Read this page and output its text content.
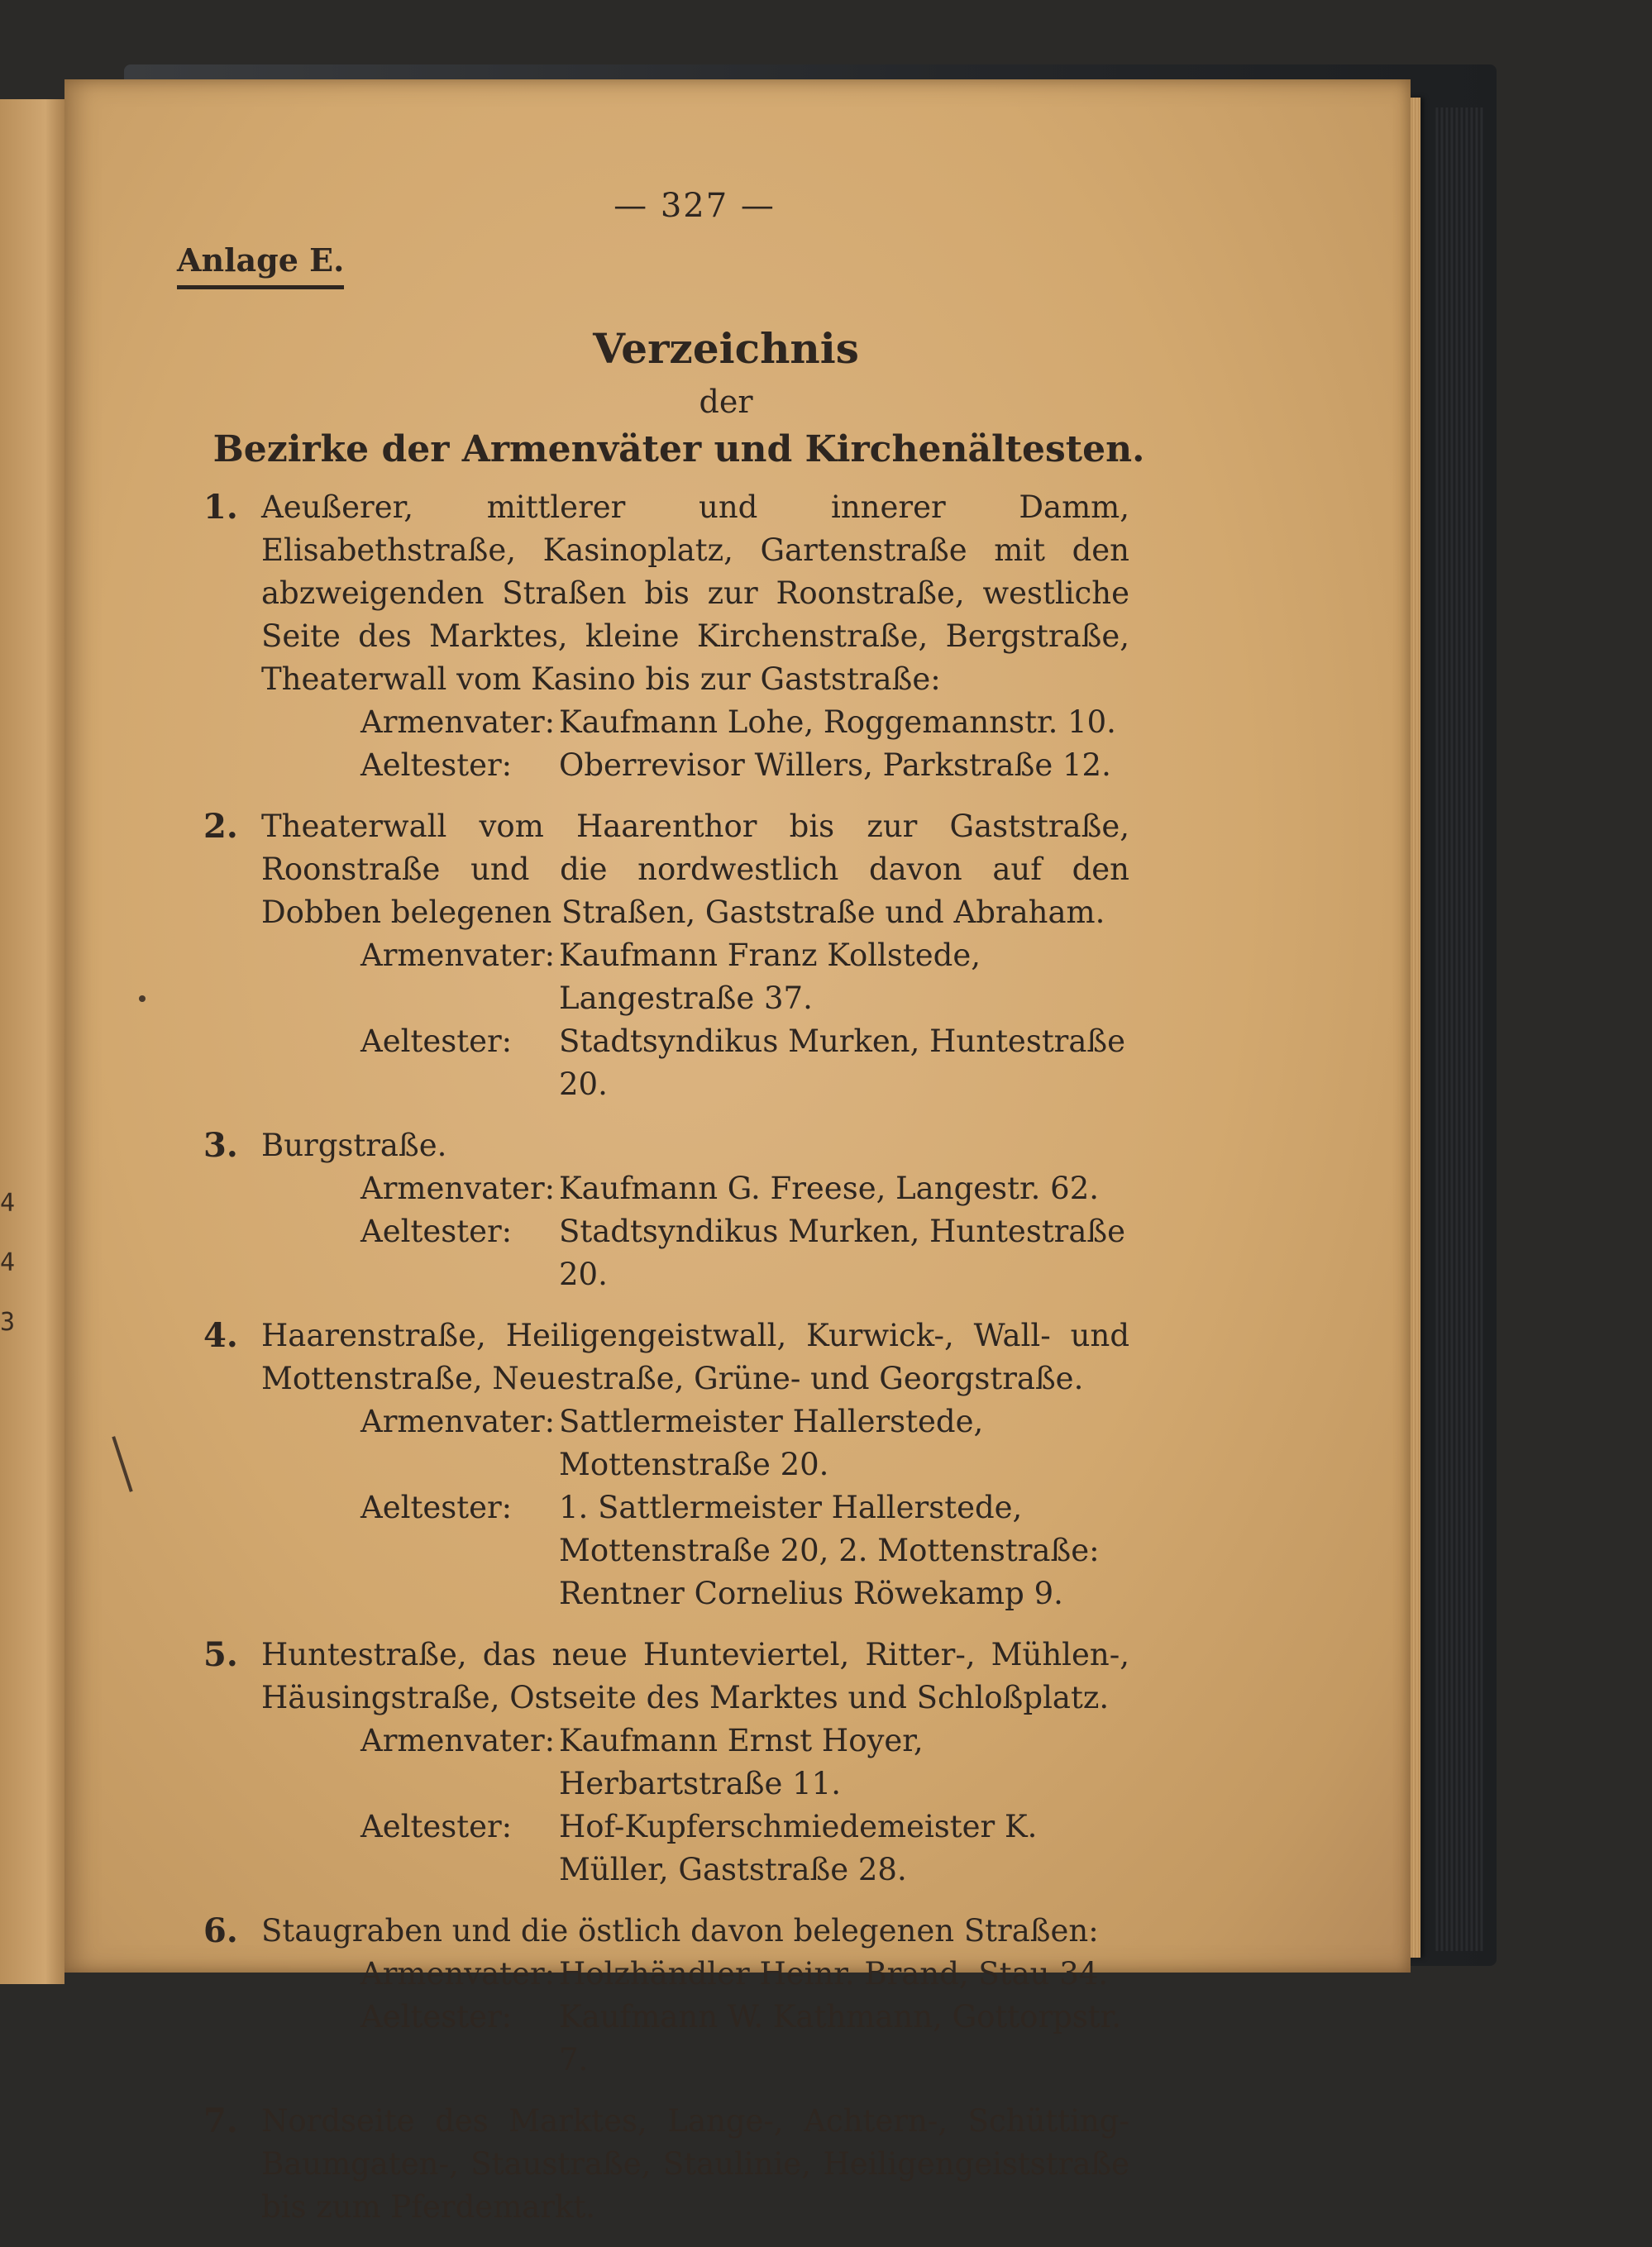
4
4
3
— 327 —
Anlage E.
Verzeichnis
der
Bezirke der Armenväter und Kirchenältesten.
1. Aeußerer, mittlerer und innerer Damm, Elisabethstraße, Kasinoplatz, Gartenstraße mit den abzweigenden Straßen bis zur Roonstraße, westliche Seite des Marktes, kleine Kirchenstraße, Bergstraße, Theaterwall vom Kasino bis zur Gaststraße:
Armenvater: Kaufmann Lohe, Roggemannstr. 10.
Aeltester:	Oberrevisor Willers, Parkstraße 12.
2. Theaterwall vom Haarenthor bis zur Gaststraße, Roonstraße und die nordwestlich davon auf den Dobben belegenen Straßen, Gaststraße und Abraham.
Armenvater: Kaufmann Franz Kollstede, Langestraße 37.
Aeltester:	Stadtsyndikus Murken, Huntestraße 20.
3. Burgstraße.
Armenvater: Kaufmann G. Freese, Langestr. 62.
Aeltester:	Stadtsyndikus Murken, Huntestraße 20.
4. Haarenstraße, Heiligengeistwall, Kurwick-, Wall- und Mottenstraße, Neuestraße, Grüne- und Georgstraße.
Armenvater: Sattlermeister Hallerstede, Mottenstraße 20.
Aeltester:	1. Sattlermeister Hallerstede, Mottenstraße 20, 2. Mottenstraße: Rentner Cornelius Röwekamp 9.
5. Huntestraße, das neue Hunteviertel, Ritter-, Mühlen-, Häusingstraße, Ostseite des Marktes und Schloßplatz.
Armenvater: Kaufmann Ernst Hoyer, Herbartstraße 11.
Aeltester:	Hof-Kupferschmiedemeister K. Müller, Gaststraße 28.
6. Staugraben und die östlich davon belegenen Straßen:
Armenvater: Holzhändler Heinr. Brand, Stau 34.
Aeltester:	Kaufmann W. Kathmann, Gottorpstr. 7.
7. Nordseite des Marktes, Lange-, Achtern-, Schütting- Baumgaten-, Staustraße, Staulinie, Heiligengeiststraße bis zum Pferdemarkt.
